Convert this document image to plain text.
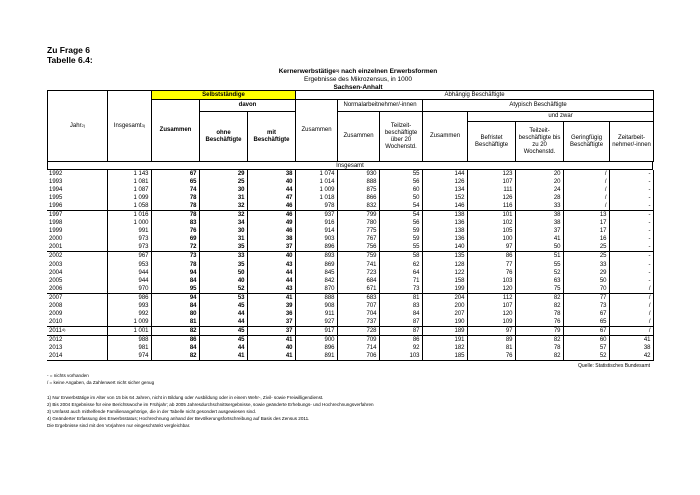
Zu Frage 6
Tabelle 6.4:
Kernerwerbstätige$^{1)}$ nach einzelnen Erwerbsformen
Ergebnisse des Mikrozensus, in 1000
Sachsen-Anhalt
Jahr$^{2)}$	Insgesamt$^{3)}$	Selbstständige			Abhängig Beschäftigte							
		Zusammen	davon		Zusammen	Normalarbeitnehmer/-innen		Atypisch Beschäftigte				
			ohne Beschäftigte	mit Beschäftigte		Zusammen	Teilzeit-beschäftigte über 20 Wochenstd.	Zusammen	und zwar			
									Befristet Beschäftigte	Teilzeit-beschäftigte bis zu 20 Wochenstd.	Geringfügig Beschäftigte	Zeitarbeit-nehmer/-innen
Insgesamt
1992	1 143	67	29	38	1 074	930	55	144	123	20	/	-
1993	1 081	65	25	40	1 014	888	56	126	107	20	/	-
1994	1 087	74	30	44	1 009	875	60	134	111	24	/	-
1995	1 099	78	31	47	1 018	866	50	152	126	28	/	-
1996	1 058	78	32	46	978	832	54	146	116	33	/	-
1997	1 016	78	32	46	937	799	54	138	101	38	13	-
1998	1 000	83	34	49	916	780	56	136	102	38	17	-
1999	991	76	30	46	914	775	59	138	105	37	17	-
2000	973	69	31	38	903	767	59	136	100	41	16	-
2001	973	72	35	37	896	756	55	140	97	50	25	-
2002	967	73	33	40	893	759	58	135	86	51	25	-
2003	953	78	35	43	869	741	62	128	77	55	33	-
2004	944	94	50	44	845	723	64	122	76	52	29	-
2005	944	84	40	44	842	684	71	158	103	63	50	-
2006	970	95	52	43	870	671	73	199	120	75	70	/
2007	986	94	53	41	888	683	81	204	112	82	77	/
2008	993	84	45	39	908	707	83	200	107	82	73	/
2009	992	80	44	36	911	704	84	207	120	78	67	/
2010	1 009	81	44	37	927	737	87	190	109	76	65	/
2011$^{4)}$	1 001	82	45	37	917	728	87	189	97	79	67	/
2012	988	86	45	41	900	709	86	191	89	82	60	41
2013	981	84	44	40	896	714	92	182	81	78	57	38
2014	974	82	41	41	891	706	103	185	76	82	52	42
Quelle: Statistisches Bundesamt
- = nichts vorhanden
/ = keine Angaben, da Zahlenwert nicht sicher genug
1) Nur Erwerbstätige im Alter von 15 bis 64 Jahren, nicht in Bildung oder Ausbildung oder in einem Wehr-, Zivil- sowie Freiwilligendienst.
2) Bis 2004 Ergebnisse für eine Berichtswoche im Frühjahr; ab 2005 Jahresdurchschnittsergebnisse, sowie geänderte Erhebungs- und Hochrechnungsverfahren
3) Umfasst auch mithelfende Familienangehörige, die in der Tabelle nicht gesondert ausgewiesen sind.
4) Geänderter Erfassung des Erwerbsstatus; Hochrechnung anhand der Bevölkerungsfortschreibung auf Basis des Zensus 2011.
Die Ergebnisse sind mit den Vorjahren nur eingeschränkt vergleichbar.
